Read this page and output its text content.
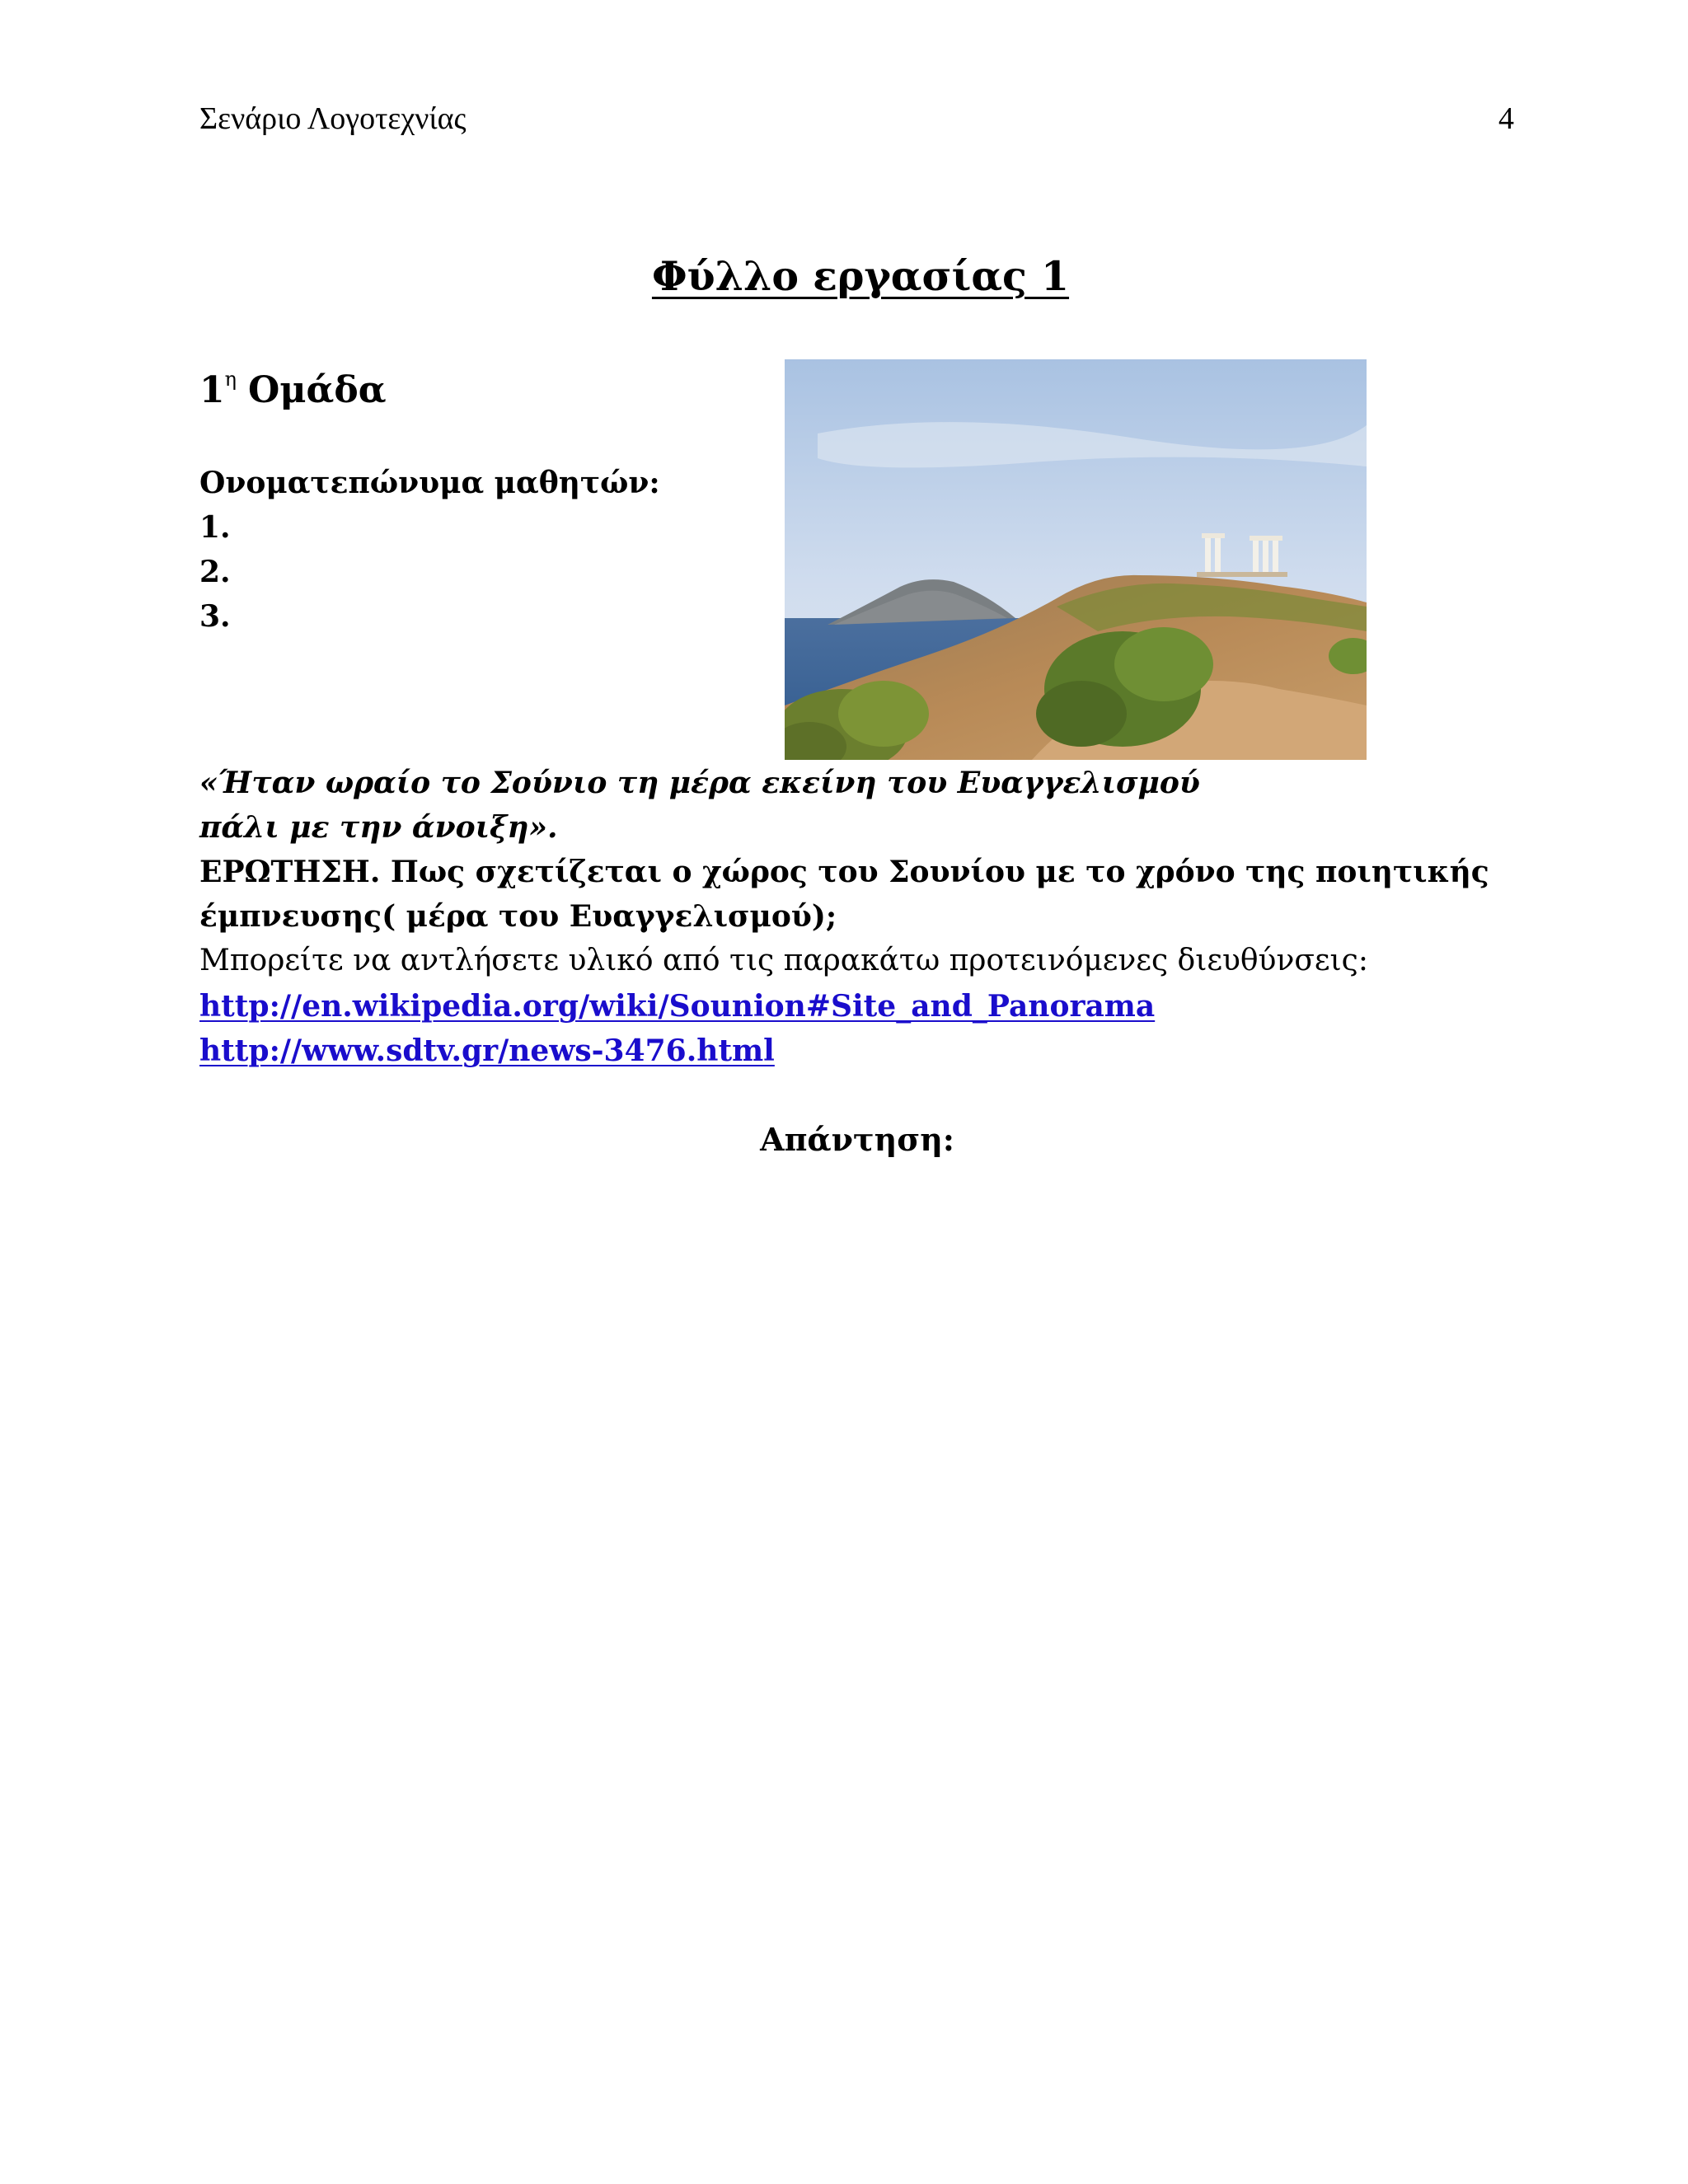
Σενάριο Λογοτεχνίας	4
Φύλλο εργασίας 1
$1^\eta$ Ομάδα
Ονοματεπώνυμα μαθητών:
1.
2.
3.
«Ήταν ωραίο το Σούνιο τη μέρα εκείνη του Ευαγγελισμού
πάλι με την άνοιξη».
ΕΡΩΤΗΣΗ. Πως σχετίζεται ο χώρος του Σουνίου με το χρόνο της ποιητικής
έμπνευσης( μέρα του Ευαγγελισμού);
Μπορείτε να αντλήσετε υλικό από τις παρακάτω προτεινόμενες διευθύνσεις:
http://en.wikipedia.org/wiki/Sounion#Site_and_Panorama
http://www.sdtv.gr/news-3476.html
Απάντηση:
